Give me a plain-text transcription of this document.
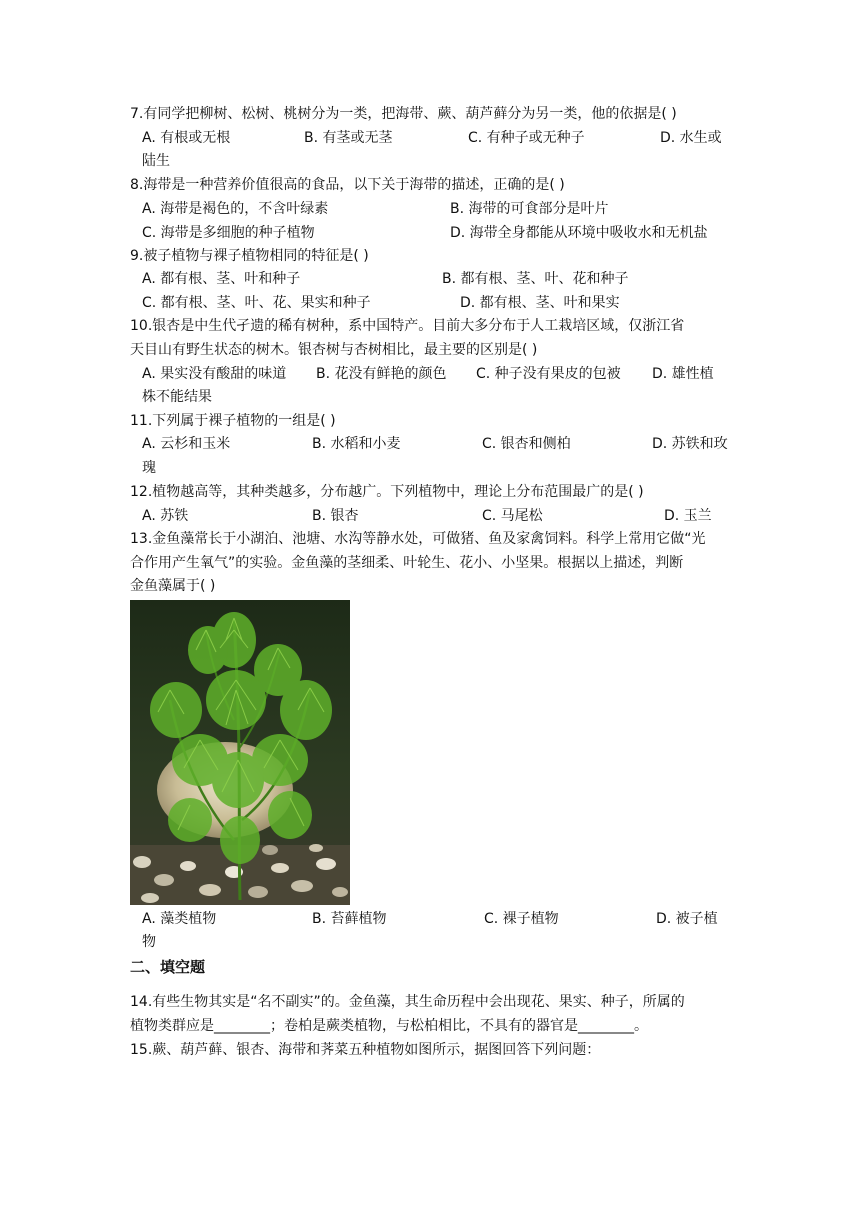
7.有同学把柳树、松树、桃树分为一类，把海带、蕨、葫芦藓分为另一类，他的依据是( )
A. 有根或无根	B. 有茎或无茎	C. 有种子或无种子	D. 水生或
陆生
8.海带是一种营养价值很高的食品，以下关于海带的描述，正确的是( )
A. 海带是褐色的，不含叶绿素	B. 海带的可食部分是叶片
C. 海带是多细胞的种子植物	D. 海带全身都能从环境中吸收水和无机盐
9.被子植物与裸子植物相同的特征是( )
A. 都有根、茎、叶和种子	B. 都有根、茎、叶、花和种子
C. 都有根、茎、叶、花、果实和种子	D. 都有根、茎、叶和果实
10.银杏是中生代孑遗的稀有树种，系中国特产。目前大多分布于人工栽培区域，仅浙江省
天目山有野生状态的树木。银杏树与杏树相比，最主要的区别是( )
A. 果实没有酸甜的味道 B. 花没有鲜艳的颜色 C. 种子没有果皮的包被 D. 雄性植
株不能结果
11.下列属于裸子植物的一组是( )
A. 云杉和玉米	B. 水稻和小麦	C. 银杏和侧柏	D. 苏铁和玫
瑰
12.植物越高等，其种类越多，分布越广。下列植物中，理论上分布范围最广的是( )
A. 苏铁	B. 银杏	C. 马尾松	D. 玉兰
13.金鱼藻常长于小湖泊、池塘、水沟等静水处，可做猪、鱼及家禽饲料。科学上常用它做“光
合作用产生氧气”的实验。金鱼藻的茎细柔、叶轮生、花小、小坚果。根据以上描述，判断
金鱼藻属于( )
A. 藻类植物	B. 苔藓植物	C. 裸子植物	D. 被子植
物
二、填空题
14.有些生物其实是“名不副实”的。金鱼藻，其生命历程中会出现花、果实、种子，所属的
植物类群应是________；卷柏是蕨类植物，与松柏相比，不具有的器官是________。
15.蕨、葫芦藓、银杏、海带和荠菜五种植物如图所示，据图回答下列问题：
